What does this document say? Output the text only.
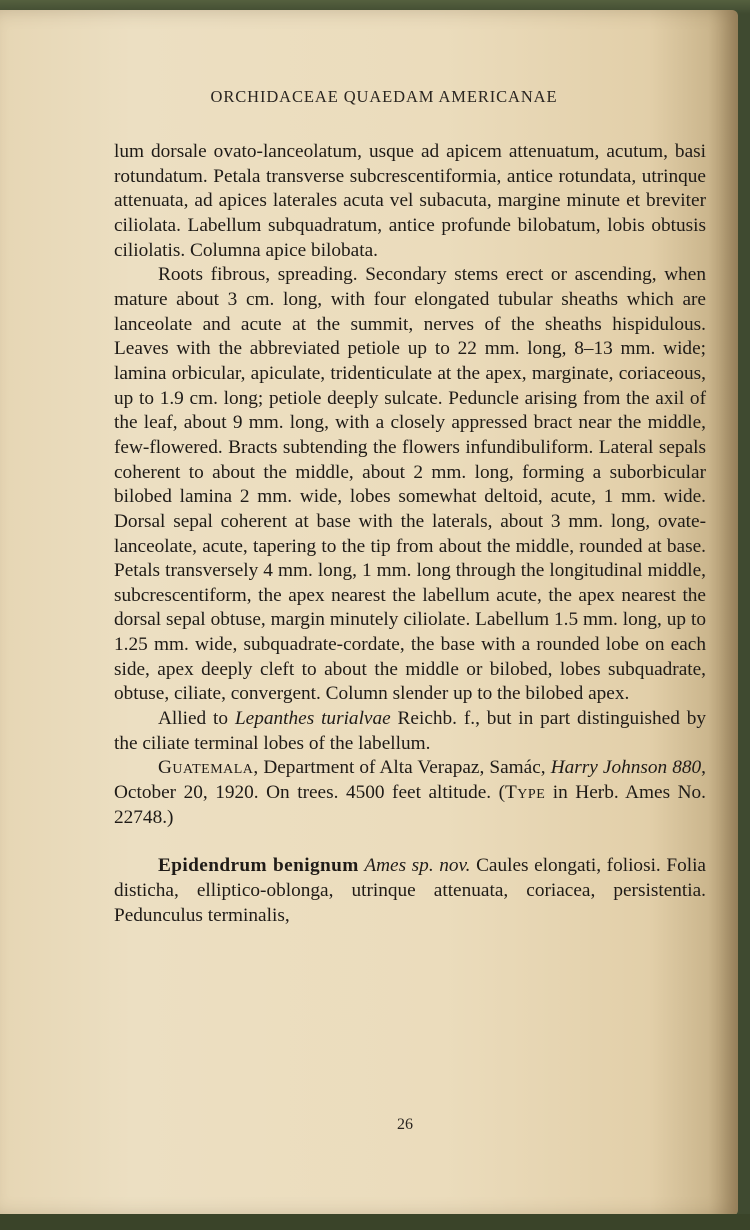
ORCHIDACEAE QUAEDAM AMERICANAE

lum dorsale ovato-lanceolatum, usque ad apicem attenuatum, acutum, basi rotundatum. Petala transverse subcrescentiformia, antice rotundata, utrinque attenuata, ad apices laterales acuta vel subacuta, margine minute et breviter ciliolata. Labellum subquadratum, antice profunde bilobatum, lobis obtusis ciliolatis. Columna apice bilobata.

Roots fibrous, spreading. Secondary stems erect or ascending, when mature about 3 cm. long, with four elongated tubular sheaths which are lanceolate and acute at the summit, nerves of the sheaths hispidulous. Leaves with the abbreviated petiole up to 22 mm. long, 8–13 mm. wide; lamina orbicular, apiculate, tridenticulate at the apex, marginate, coriaceous, up to 1.9 cm. long; petiole deeply sulcate. Peduncle arising from the axil of the leaf, about 9 mm. long, with a closely appressed bract near the middle, few-flowered. Bracts subtending the flowers infundibuliform. Lateral sepals coherent to about the middle, about 2 mm. long, forming a suborbicular bilobed lamina 2 mm. wide, lobes somewhat deltoid, acute, 1 mm. wide. Dorsal sepal coherent at base with the laterals, about 3 mm. long, ovate-lanceolate, acute, tapering to the tip from about the middle, rounded at base. Petals transversely 4 mm. long, 1 mm. long through the longitudinal middle, subcrescentiform, the apex nearest the labellum acute, the apex nearest the dorsal sepal obtuse, margin minutely ciliolate. Labellum 1.5 mm. long, up to 1.25 mm. wide, subquadrate-cordate, the base with a rounded lobe on each side, apex deeply cleft to about the middle or bilobed, lobes subquadrate, obtuse, ciliate, convergent. Column slender up to the bilobed apex.

Allied to Lepanthes turialvae Reichb. f., but in part distinguished by the ciliate terminal lobes of the labellum.

Guatemala, Department of Alta Verapaz, Samác, Harry Johnson 880, October 20, 1920. On trees. 4500 feet altitude. (Type in Herb. Ames No. 22748.)

Epidendrum benignum Ames sp. nov. Caules elongati, foliosi. Folia disticha, elliptico-oblonga, utrinque attenuata, coriacea, persistentia. Pedunculus terminalis,

26
